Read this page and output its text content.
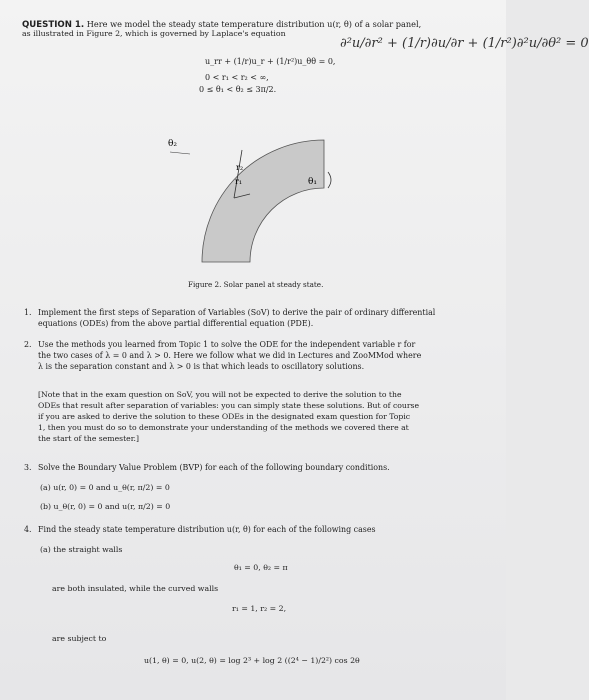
QUESTION 1. Here we model the steady state temperature distribution u(r, θ) of a solar panel,
as illustrated in Figure 2, which is governed by Laplace's equation
∂²u/∂r² + (1/r)∂u/∂r + (1/r²)∂²u/∂θ² = 0
u_rr + (1/r)u_r + (1/r²)u_θθ = 0,
0 < r₁ < r₂ < ∞,
0 ≤ θ₁ < θ₂ ≤ 3π/2.
θ₂
θ₁
r₂
r₁
Figure 2. Solar panel at steady state.
1. Implement the first steps of Separation of Variables (SoV) to derive the pair of ordinary differential
equations (ODEs) from the above partial differential equation (PDE).
2. Use the methods you learned from Topic 1 to solve the ODE for the independent variable r for
the two cases of λ = 0 and λ > 0. Here we follow what we did in Lectures and ZooMMod where
λ is the separation constant and λ > 0 is that which leads to oscillatory solutions.
[Note that in the exam question on SoV, you will not be expected to derive the solution to the
ODEs that result after separation of variables: you can simply state these solutions. But of course
if you are asked to derive the solution to these ODEs in the designated exam question for Topic
1, then you must do so to demonstrate your understanding of the methods we covered there at
the start of the semester.]
3. Solve the Boundary Value Problem (BVP) for each of the following boundary conditions.
(a) u(r, 0) = 0 and u_θ(r, π/2) = 0
(b) u_θ(r, 0) = 0 and u(r, π/2) = 0
4. Find the steady state temperature distribution u(r, θ) for each of the following cases
(a) the straight walls
θ₁ = 0, θ₂ = π
are both insulated, while the curved walls
r₁ = 1, r₂ = 2,
are subject to
u(1, θ) = 0, u(2, θ) = log 2³ + log 2 ((2⁴ − 1)/2²) cos 2θ
